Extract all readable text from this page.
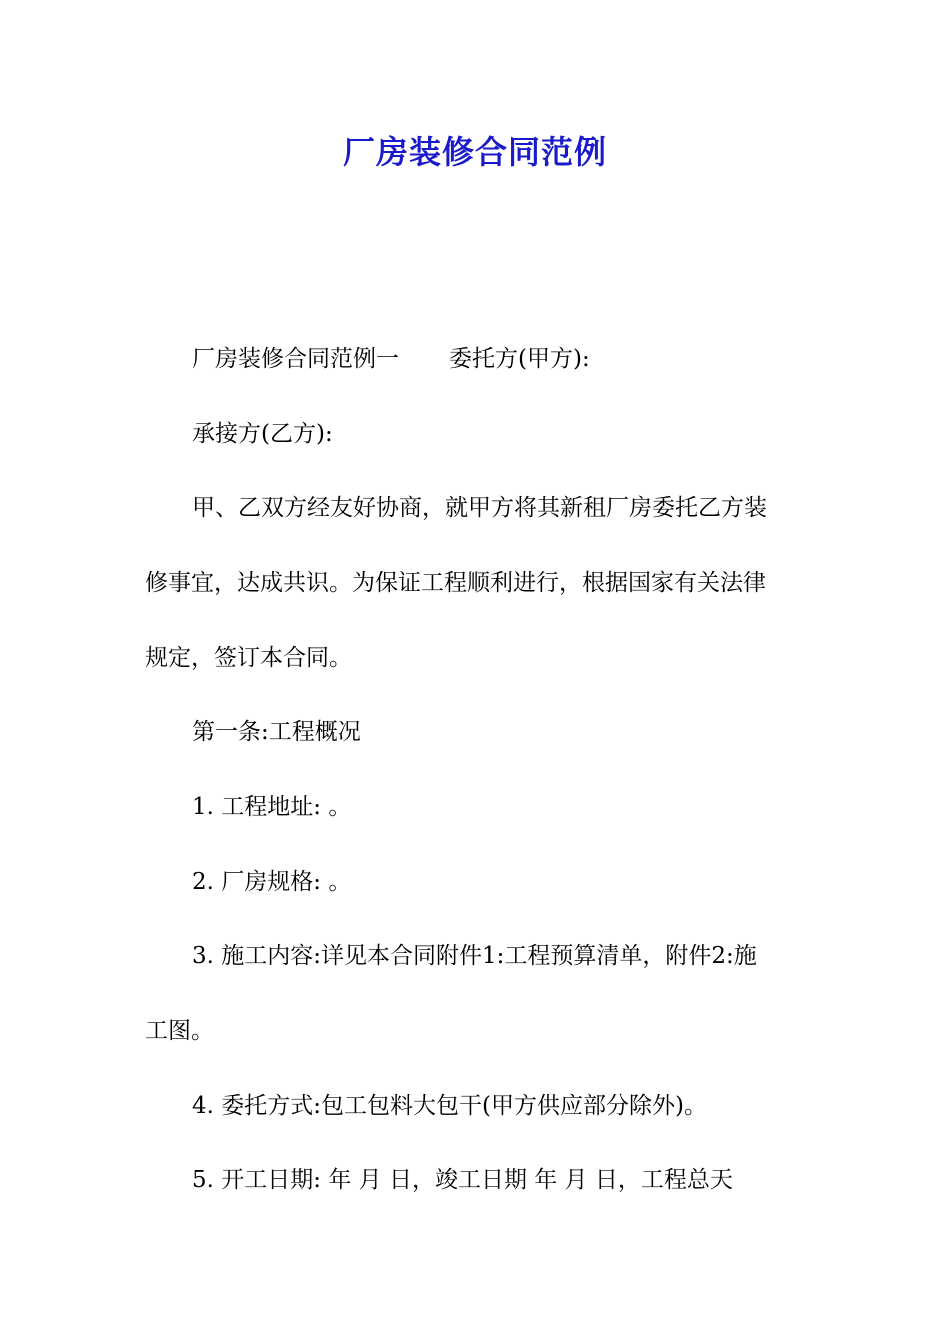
厂房装修合同范例
厂房装修合同范例一 委托方(甲方):
承接方(乙方):
甲、乙双方经友好协商，就甲方将其新租厂房委托乙方装
修事宜，达成共识。为保证工程顺利进行，根据国家有关法律
规定，签订本合同。
第一条:工程概况
1. 工程地址: 。
2. 厂房规格: 。
3. 施工内容:详见本合同附件1:工程预算清单，附件2:施
工图。
4. 委托方式:包工包料大包干(甲方供应部分除外)。
5. 开工日期: 年 月 日，竣工日期 年 月 日，工程总天
